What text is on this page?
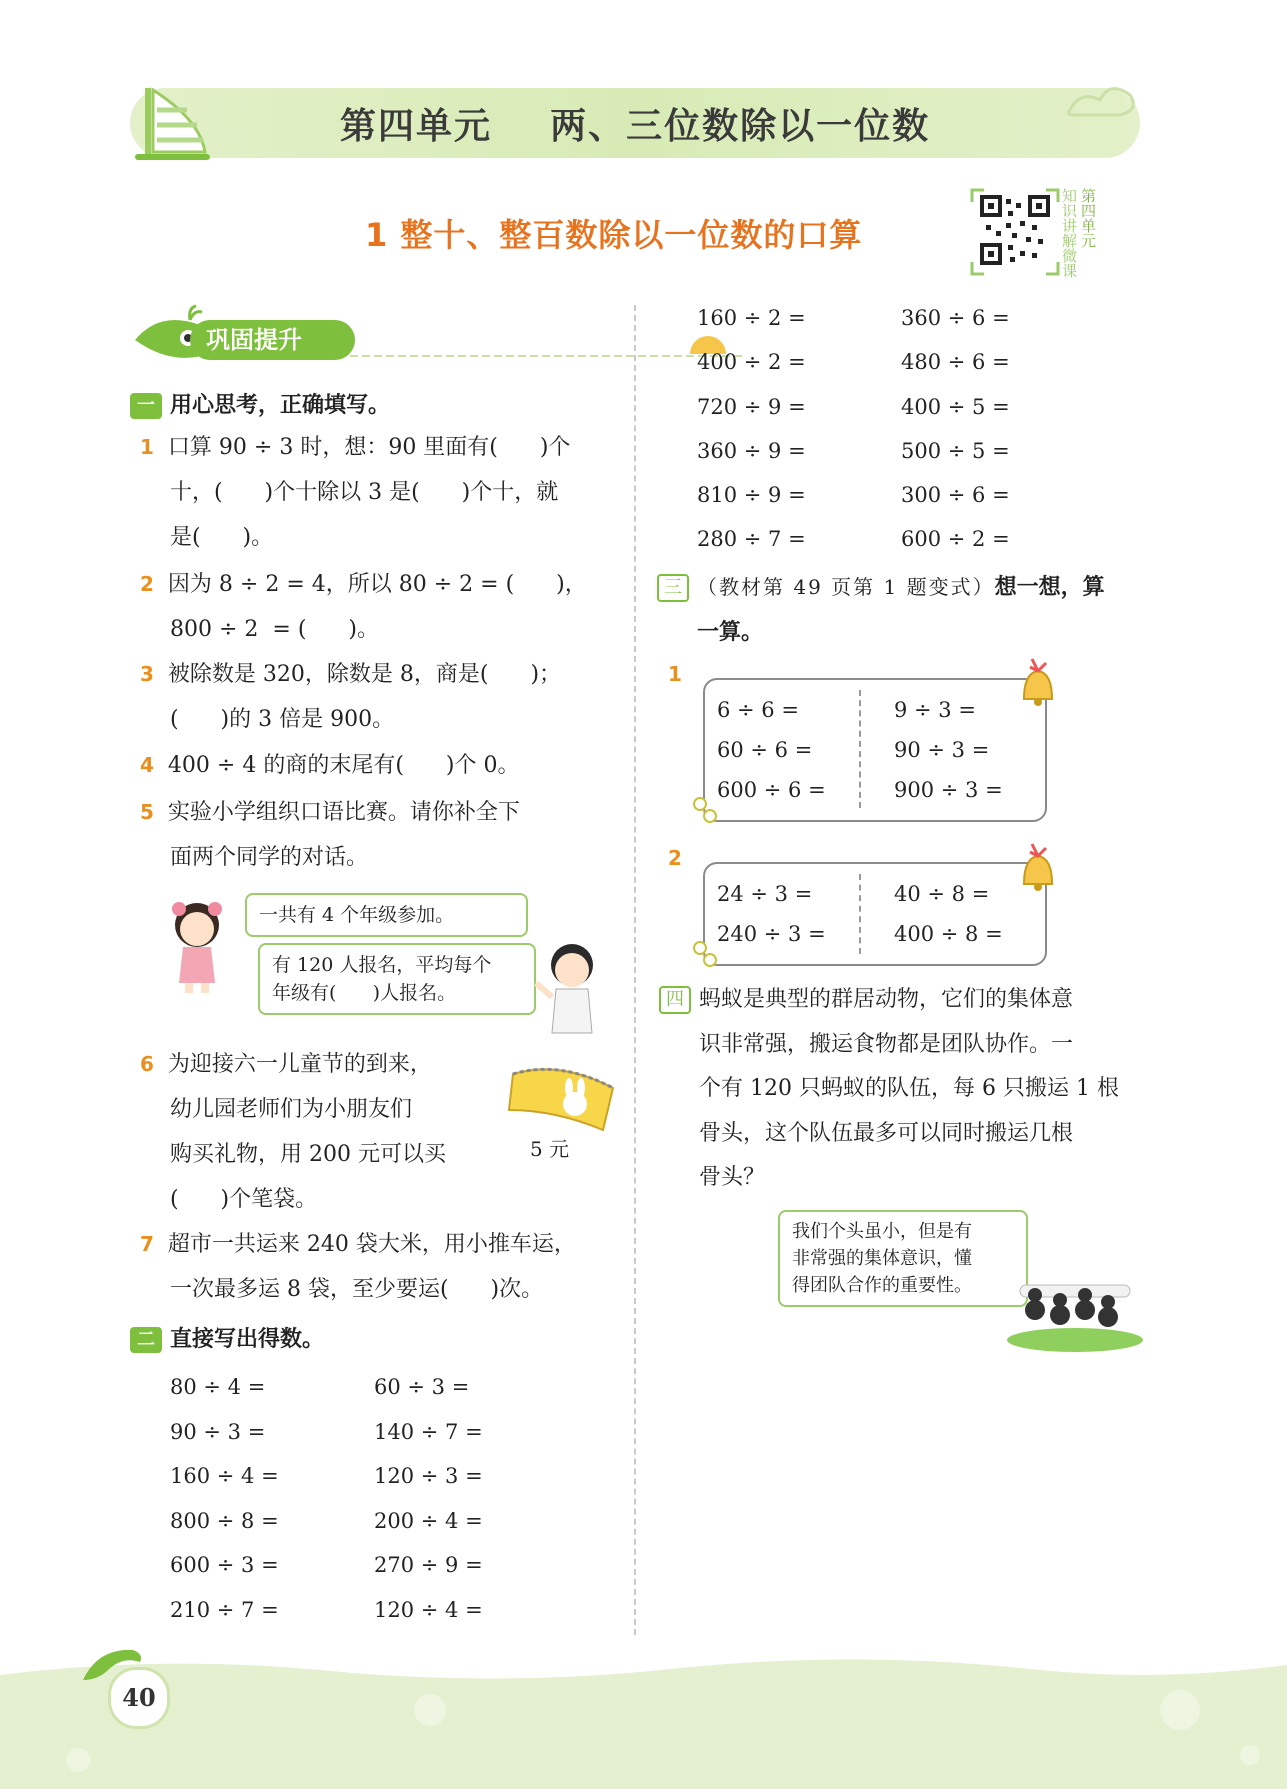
第四单元    两、三位数除以一位数
1 整十、整百数除以一位数的口算	第四单元
知识讲解微课
巩固提升
一 用心思考，正确填写。
1 口算 90 ÷ 3 时，想：90 里面有(      )个
十，(      )个十除以 3 是(      )个十，就
是(      )。
2 因为 8 ÷ 2 = 4，所以 80 ÷ 2 = (      )，
800 ÷ 2  = (      )。
3 被除数是 320，除数是 8，商是(      )；
(      )的 3 倍是 900。
4 400 ÷ 4 的商的末尾有(      )个 0。
5 实验小学组织口语比赛。请你补全下
面两个同学的对话。
一共有 4 个年级参加。
有 120 人报名，平均每个
年级有(      )人报名。
6 为迎接六一儿童节的到来，
幼儿园老师们为小朋友们
购买礼物，用 200 元可以买
(      )个笔袋。
5 元
7 超市一共运来 240 袋大米，用小推车运，
一次最多运 8 袋，至少要运(      )次。
二 直接写出得数。
80 ÷ 4 =
90 ÷ 3 =
160 ÷ 4 =
800 ÷ 8 =
600 ÷ 3 =
210 ÷ 7 =
60 ÷ 3 =
140 ÷ 7 =
120 ÷ 3 =
200 ÷ 4 =
270 ÷ 9 =
120 ÷ 4 =
160 ÷ 2 =
400 ÷ 2 =
720 ÷ 9 =
360 ÷ 9 =
810 ÷ 9 =
280 ÷ 7 =
360 ÷ 6 =
480 ÷ 6 =
400 ÷ 5 =
500 ÷ 5 =
300 ÷ 6 =
600 ÷ 2 =
三 （教材第 49 页第 1 题变式）想一想，算
一算。
1
6 ÷ 6 =
60 ÷ 6 =
600 ÷ 6 =
9 ÷ 3 =
90 ÷ 3 =
900 ÷ 3 =
2
24 ÷ 3 =
240 ÷ 3 =
40 ÷ 8 =
400 ÷ 8 =
四 蚂蚁是典型的群居动物，它们的集体意
识非常强，搬运食物都是团队协作。一
个有 120 只蚂蚁的队伍，每 6 只搬运 1 根
骨头，这个队伍最多可以同时搬运几根
骨头？
我们个头虽小，但是有
非常强的集体意识，懂
得团队合作的重要性。
40
